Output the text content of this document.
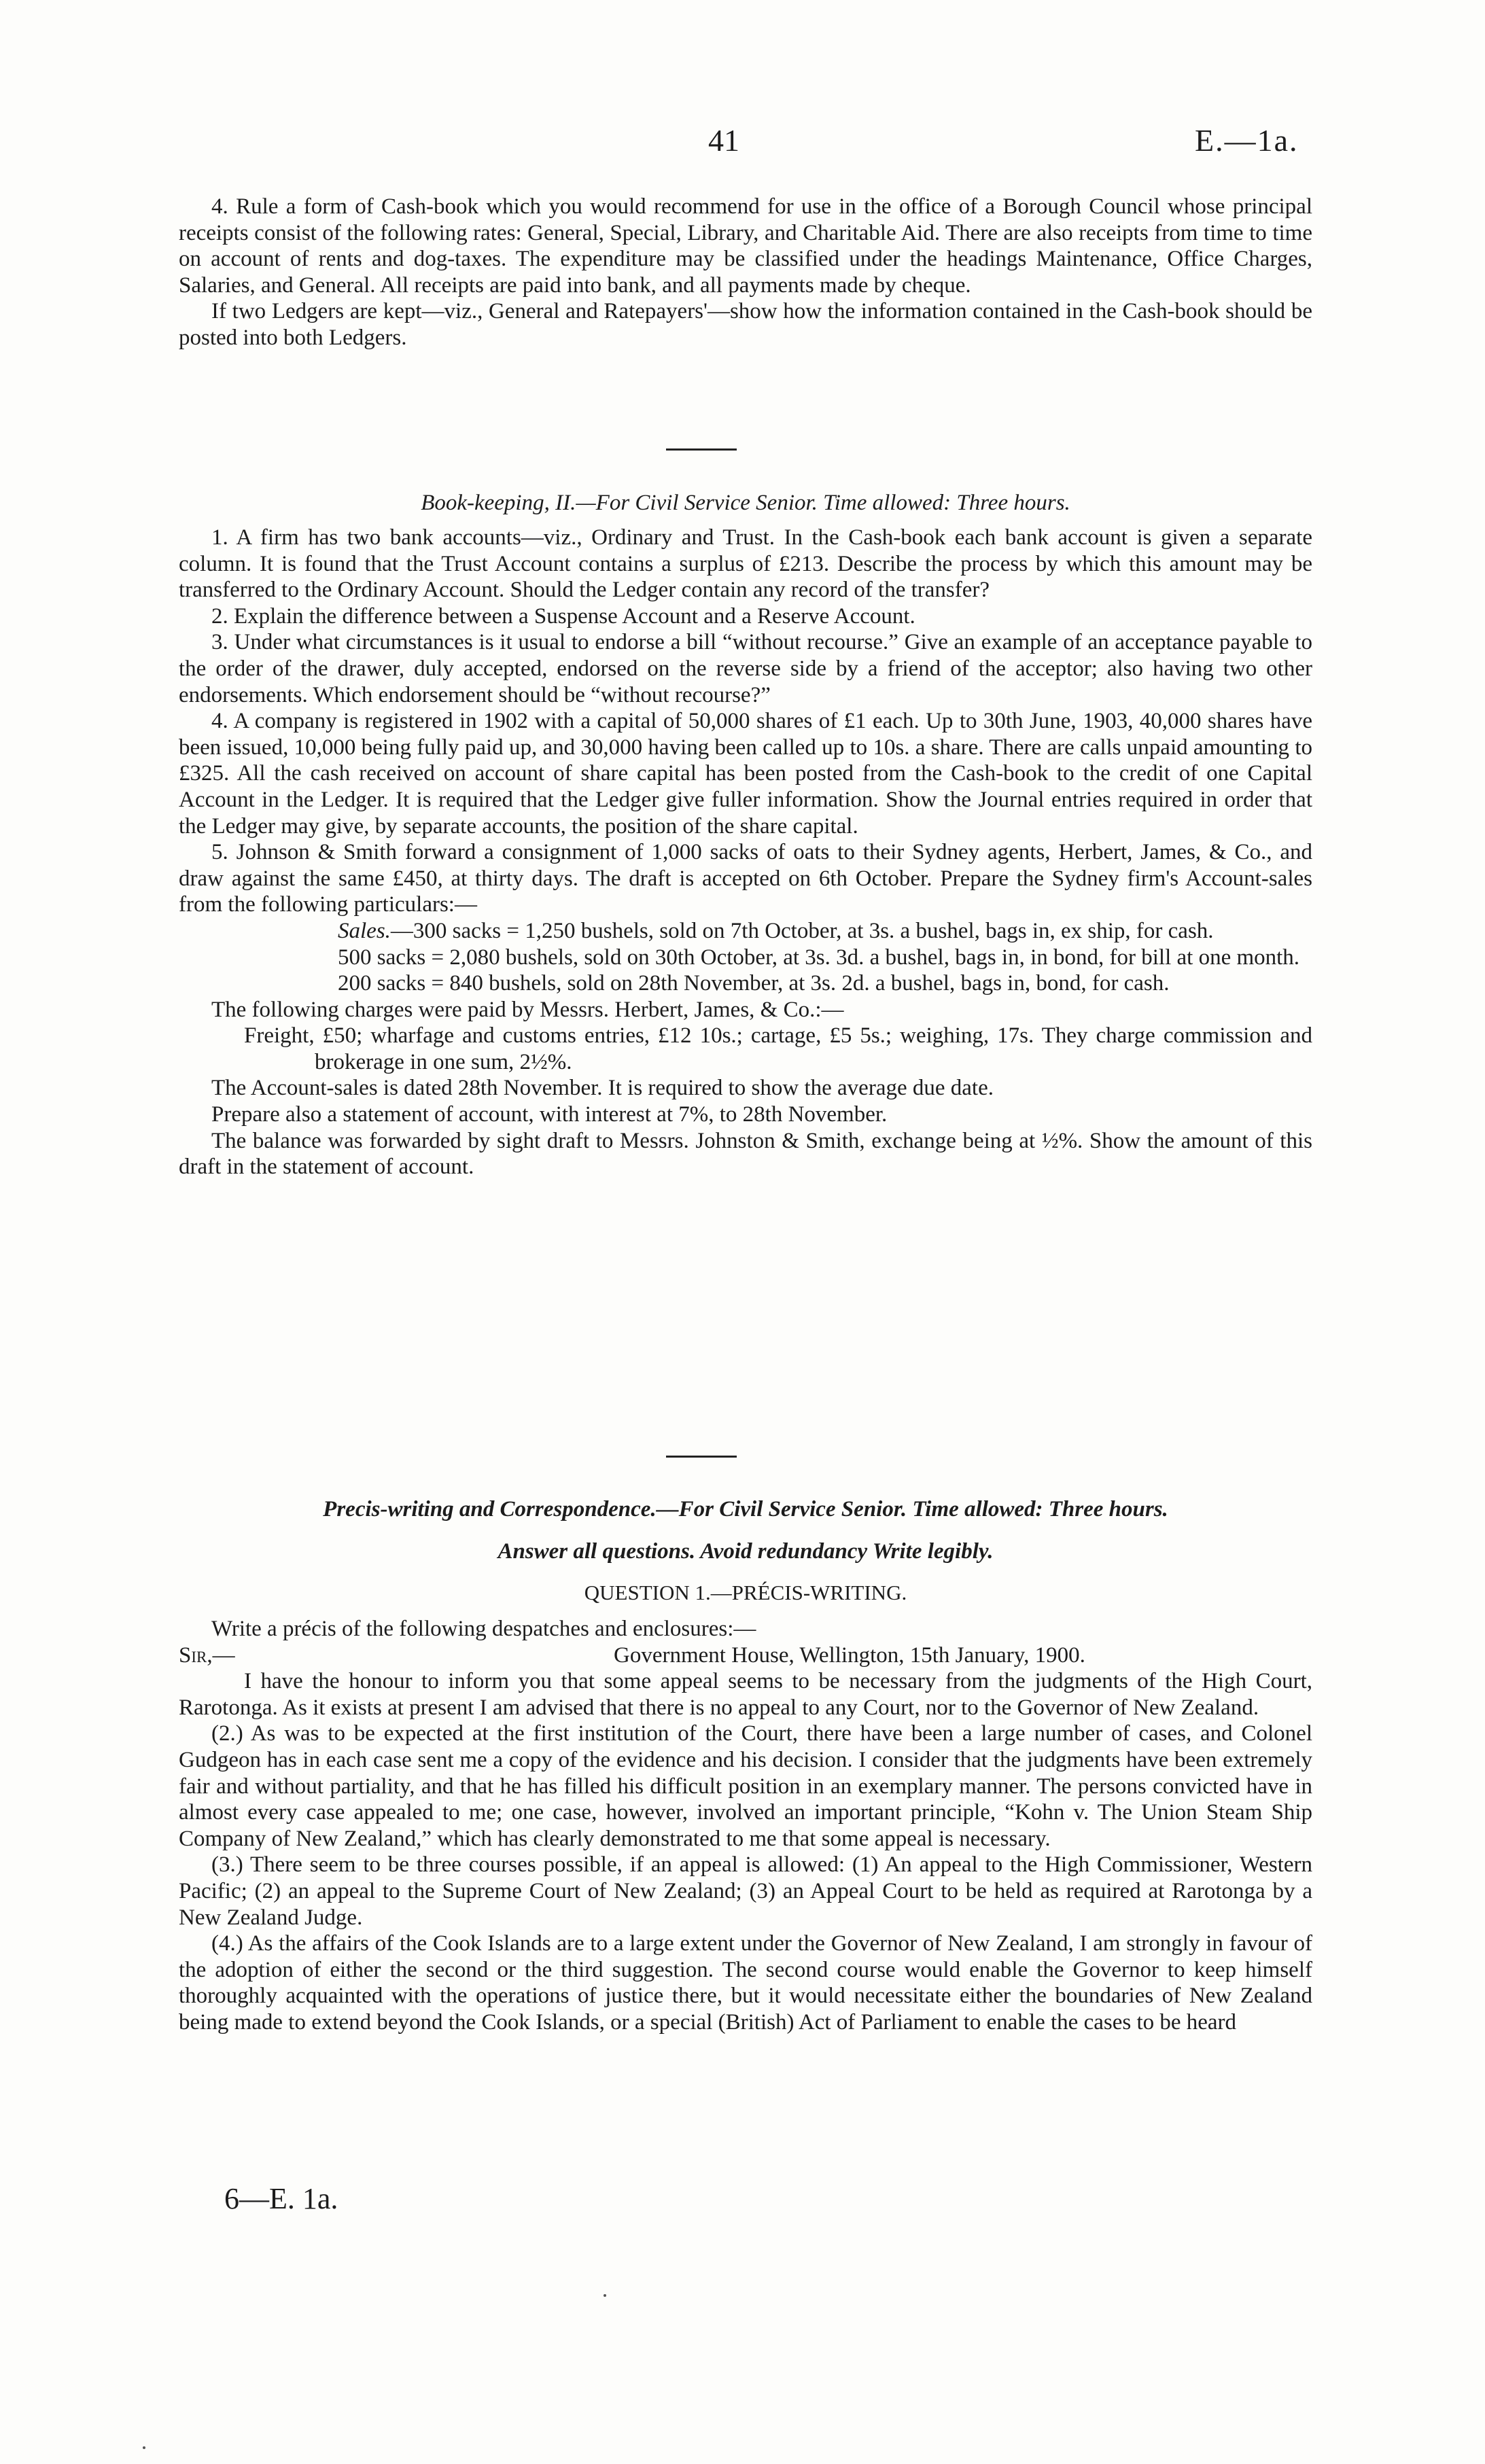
41	E.—1a.

4. Rule a form of Cash-book which you would recommend for use in the office of a Borough Council whose principal receipts consist of the following rates: General, Special, Library, and Charitable Aid. There are also receipts from time to time on account of rents and dog-taxes. The expenditure may be classified under the headings Maintenance, Office Charges, Salaries, and General. All receipts are paid into bank, and all payments made by cheque.

If two Ledgers are kept—viz., General and Ratepayers'—show how the information contained in the Cash-book should be posted into both Ledgers.

Book-keeping, II.—For Civil Service Senior. Time allowed: Three hours.

1. A firm has two bank accounts—viz., Ordinary and Trust. In the Cash-book each bank account is given a separate column. It is found that the Trust Account contains a surplus of £213. Describe the process by which this amount may be transferred to the Ordinary Account. Should the Ledger contain any record of the transfer?

2. Explain the difference between a Suspense Account and a Reserve Account.

3. Under what circumstances is it usual to endorse a bill “without recourse.” Give an example of an acceptance payable to the order of the drawer, duly accepted, endorsed on the reverse side by a friend of the acceptor; also having two other endorsements. Which endorsement should be “without recourse?”

4. A company is registered in 1902 with a capital of 50,000 shares of £1 each. Up to 30th June, 1903, 40,000 shares have been issued, 10,000 being fully paid up, and 30,000 having been called up to 10s. a share. There are calls unpaid amounting to £325. All the cash received on account of share capital has been posted from the Cash-book to the credit of one Capital Account in the Ledger. It is required that the Ledger give fuller information. Show the Journal entries required in order that the Ledger may give, by separate accounts, the position of the share capital.

5. Johnson & Smith forward a consignment of 1,000 sacks of oats to their Sydney agents, Herbert, James, & Co., and draw against the same £450, at thirty days. The draft is accepted on 6th October. Prepare the Sydney firm's Account-sales from the following particulars:—

Sales.—300 sacks = 1,250 bushels, sold on 7th October, at 3s. a bushel, bags in, ex ship, for cash.

500 sacks = 2,080 bushels, sold on 30th October, at 3s. 3d. a bushel, bags in, in bond, for bill at one month.

200 sacks = 840 bushels, sold on 28th November, at 3s. 2d. a bushel, bags in, bond, for cash.

The following charges were paid by Messrs. Herbert, James, & Co.:—

Freight, £50; wharfage and customs entries, £12 10s.; cartage, £5 5s.; weighing, 17s. They charge commission and brokerage in one sum, 2½%.

The Account-sales is dated 28th November. It is required to show the average due date.

Prepare also a statement of account, with interest at 7%, to 28th November.

The balance was forwarded by sight draft to Messrs. Johnston & Smith, exchange being at ½%. Show the amount of this draft in the statement of account.

Precis-writing and Correspondence.—For Civil Service Senior. Time allowed: Three hours.
Answer all questions. Avoid redundancy Write legibly.
QUESTION 1.—PRÉCIS-WRITING.

Write a précis of the following despatches and enclosures:—

Sir,—	Government House, Wellington, 15th January, 1900.

I have the honour to inform you that some appeal seems to be necessary from the judgments of the High Court, Rarotonga. As it exists at present I am advised that there is no appeal to any Court, nor to the Governor of New Zealand.

(2.) As was to be expected at the first institution of the Court, there have been a large number of cases, and Colonel Gudgeon has in each case sent me a copy of the evidence and his decision. I consider that the judgments have been extremely fair and without partiality, and that he has filled his difficult position in an exemplary manner. The persons convicted have in almost every case appealed to me; one case, however, involved an important principle, “Kohn v. The Union Steam Ship Company of New Zealand,” which has clearly demonstrated to me that some appeal is necessary.

(3.) There seem to be three courses possible, if an appeal is allowed: (1) An appeal to the High Commissioner, Western Pacific; (2) an appeal to the Supreme Court of New Zealand; (3) an Appeal Court to be held as required at Rarotonga by a New Zealand Judge.

(4.) As the affairs of the Cook Islands are to a large extent under the Governor of New Zealand, I am strongly in favour of the adoption of either the second or the third suggestion. The second course would enable the Governor to keep himself thoroughly acquainted with the operations of justice there, but it would necessitate either the boundaries of New Zealand being made to extend beyond the Cook Islands, or a special (British) Act of Parliament to enable the cases to be heard

6—E. 1a.
